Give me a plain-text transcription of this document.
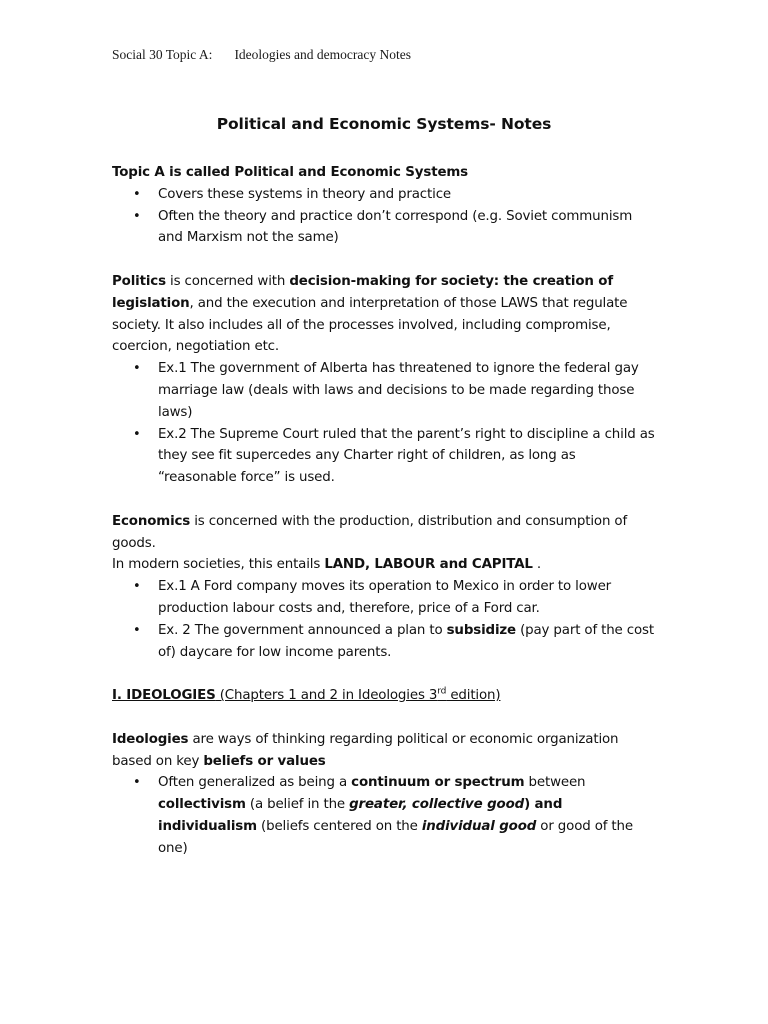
Social 30 Topic A: Ideologies and democracy Notes
Political and Economic Systems- Notes

Topic A is called Political and Economic Systems

• Covers these systems in theory and practice
• Often the theory and practice don’t correspond (e.g. Soviet communism and Marxism not the same)

Politics is concerned with decision-making for society: the creation of legislation, and the execution and interpretation of those LAWS that regulate society. It also includes all of the processes involved, including compromise, coercion, negotiation etc.

• Ex.1 The government of Alberta has threatened to ignore the federal gay marriage law (deals with laws and decisions to be made regarding those laws)
• Ex.2 The Supreme Court ruled that the parent’s right to discipline a child as they see fit supercedes any Charter right of children, as long as “reasonable force” is used.

Economics is concerned with the production, distribution and consumption of goods.

In modern societies, this entails LAND, LABOUR and CAPITAL .

• Ex.1 A Ford company moves its operation to Mexico in order to lower production labour costs and, therefore, price of a Ford car.
• Ex. 2 The government announced a plan to subsidize (pay part of the cost of) daycare for low income parents.

I. IDEOLOGIES (Chapters 1 and 2 in Ideologies 3rd edition)

Ideologies are ways of thinking regarding political or economic organization based on key beliefs or values

• Often generalized as being a continuum or spectrum between collectivism (a belief in the greater, collective good) and individualism (beliefs centered on the individual good or good of the one)
